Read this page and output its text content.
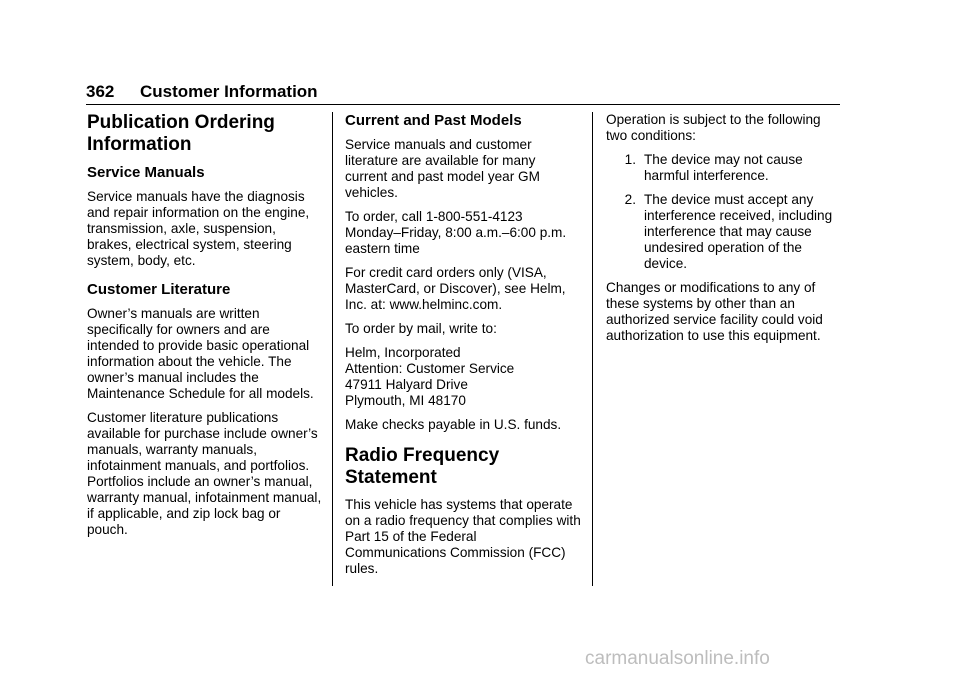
362 Customer Information
Publication Ordering Information
Service Manuals

Service manuals have the diagnosis and repair information on the engine, transmission, axle, suspension, brakes, electrical system, steering system, body, etc.

Customer Literature

Owner’s manuals are written specifically for owners and are intended to provide basic operational information about the vehicle. The owner’s manual includes the Maintenance Schedule for all models.

Customer literature publications available for purchase include owner’s manuals, warranty manuals, infotainment manuals, and portfolios. Portfolios include an owner’s manual, warranty manual, infotainment manual, if applicable, and zip lock bag or pouch.

Current and Past Models

Service manuals and customer literature are available for many current and past model year GM vehicles.

To order, call 1-800-551-4123 Monday–Friday, 8:00 a.m.–6:00 p.m. eastern time

For credit card orders only (VISA, MasterCard, or Discover), see Helm, Inc. at: www.helminc.com.

To order by mail, write to:

Helm, Incorporated
Attention: Customer Service
47911 Halyard Drive
Plymouth, MI 48170

Make checks payable in U.S. funds.

Radio Frequency Statement

This vehicle has systems that operate on a radio frequency that complies with Part 15 of the Federal Communications Commission (FCC) rules.

Operation is subject to the following two conditions:

1. The device may not cause harmful interference.
2. The device must accept any interference received, including interference that may cause undesired operation of the device.

Changes or modifications to any of these systems by other than an authorized service facility could void authorization to use this equipment.

carmanualsonline.info
